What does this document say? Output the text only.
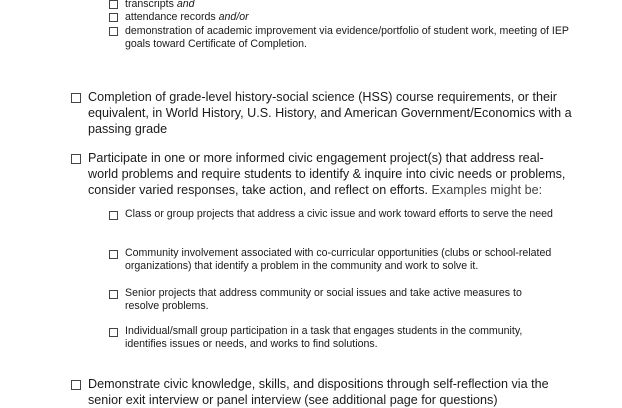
transcripts and
attendance records and/or
demonstration of academic improvement via evidence/portfolio of student work, meeting of IEP goals toward Certificate of Completion.
Completion of grade-level history-social science (HSS) course requirements, or their equivalent, in World History, U.S. History, and American Government/Economics with a passing grade
Participate in one or more informed civic engagement project(s) that address real-world problems and require students to identify & inquire into civic needs or problems, consider varied responses, take action, and reflect on efforts. Examples might be:
Class or group projects that address a civic issue and work toward efforts to serve the need
Community involvement associated with co-curricular opportunities (clubs or school-related organizations) that identify a problem in the community and work to solve it.
Senior projects that address community or social issues and take active measures to resolve problems.
Individual/small group participation in a task that engages students in the community, identifies issues or needs, and works to find solutions.
Demonstrate civic knowledge, skills, and dispositions through self-reflection via the senior exit interview or panel interview (see additional page for questions)
